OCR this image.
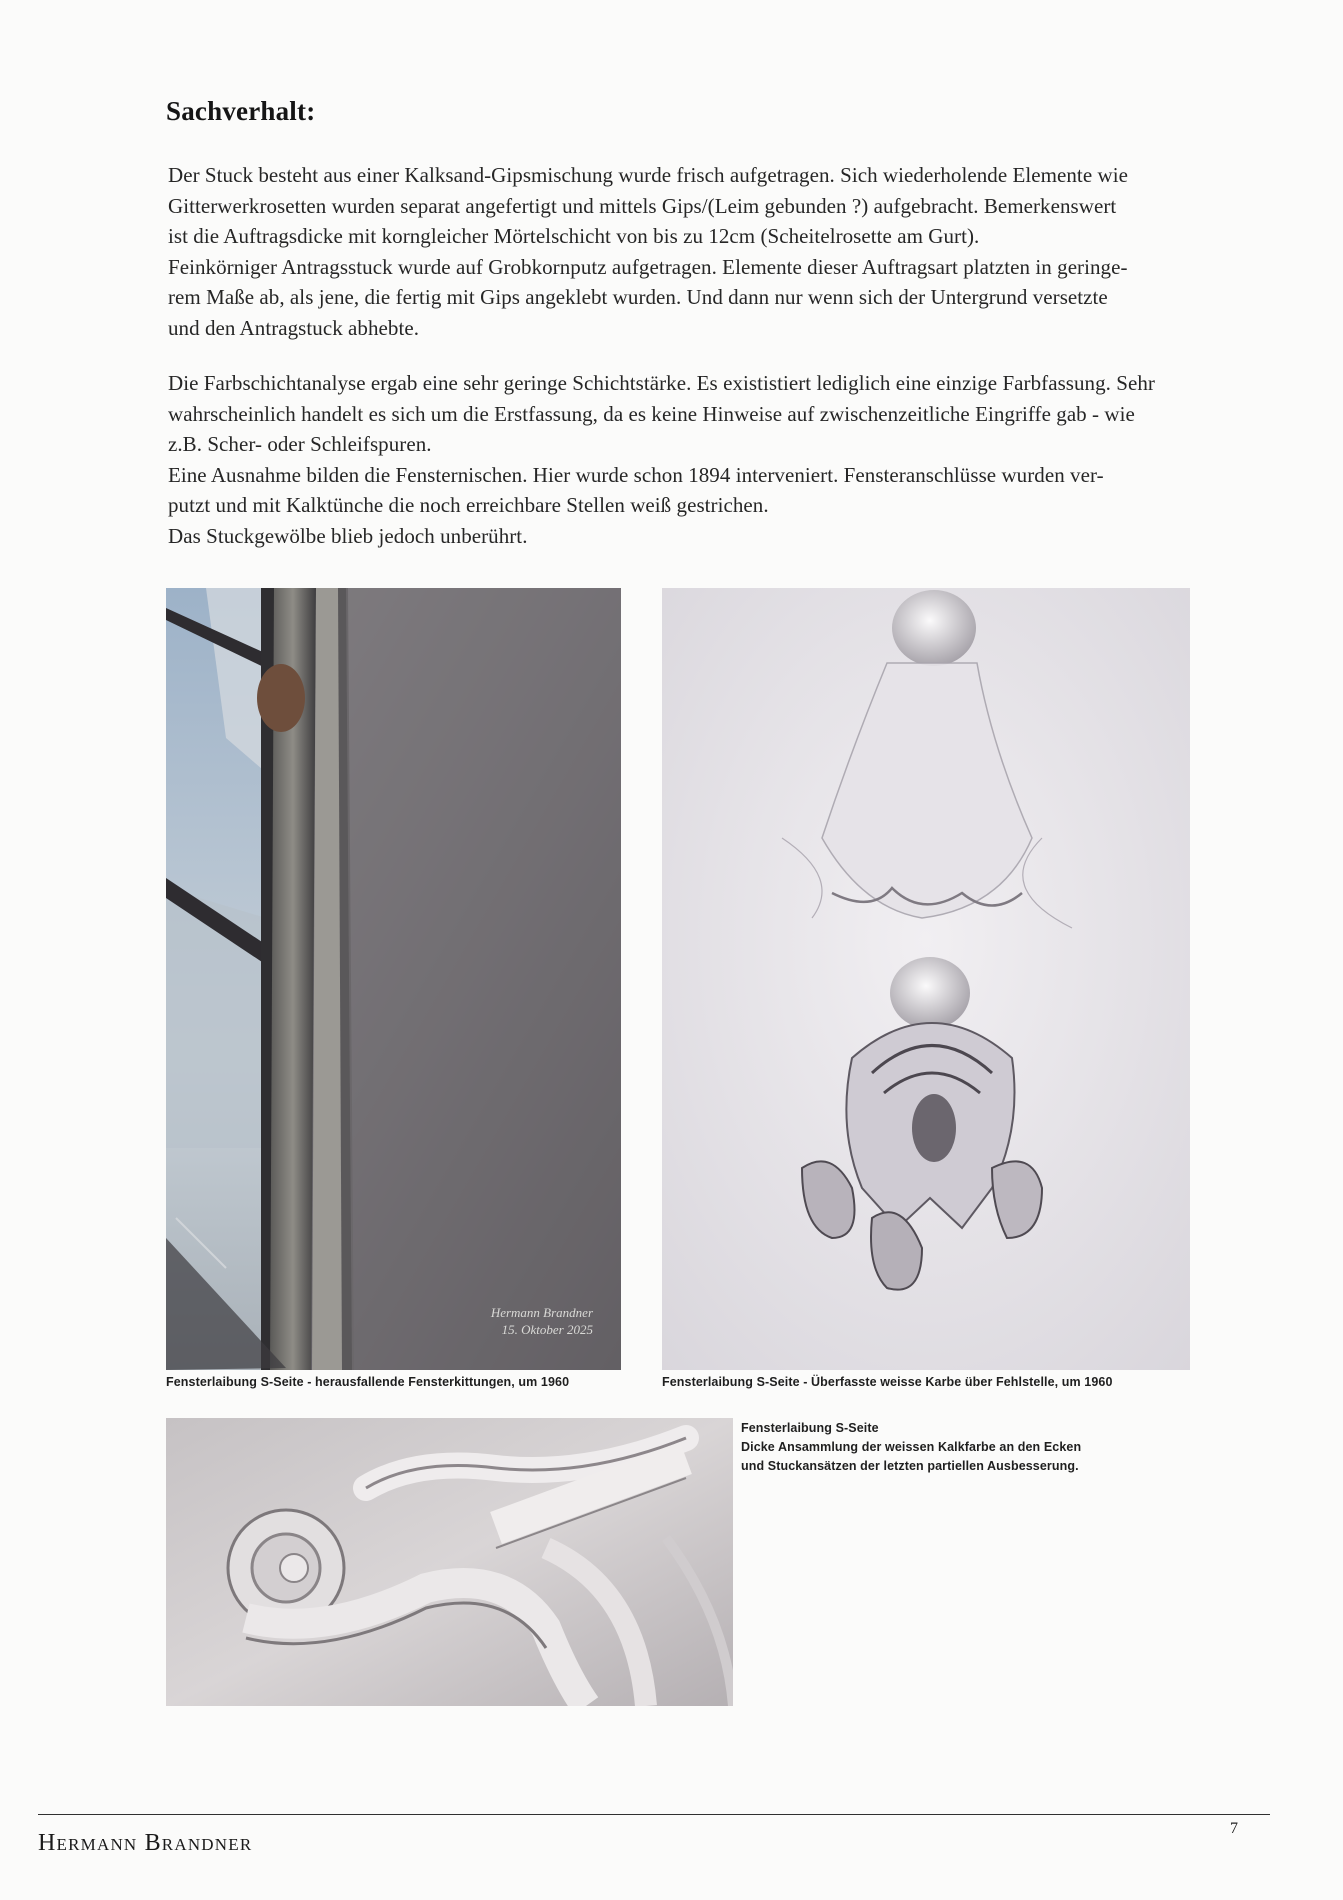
Sachverhalt:
Der Stuck besteht aus einer Kalksand-Gipsmischung wurde frisch aufgetragen. Sich wiederholende Elemente wie
Gitterwerkrosetten wurden separat angefertigt und mittels Gips/(Leim gebunden ?) aufgebracht. Bemerkenswert
ist die Auftragsdicke mit korngleicher Mörtelschicht von bis zu 12cm (Scheitelrosette am Gurt).
Feinkörniger Antragsstuck wurde auf Grobkornputz aufgetragen. Elemente dieser Auftragsart platzten in geringe-
rem Maße ab, als jene, die fertig mit Gips angeklebt wurden. Und dann nur wenn sich der Untergrund versetzte
und den Antragstuck abhebte.
Die Farbschichtanalyse ergab eine sehr geringe Schichtstärke. Es exististiert lediglich eine einzige Farbfassung. Sehr
wahrscheinlich handelt es sich um die Erstfassung, da es keine Hinweise auf zwischenzeitliche Eingriffe gab - wie
z.B. Scher- oder Schleifspuren.
Eine Ausnahme bilden die Fensternischen. Hier wurde schon 1894 interveniert. Fensteranschlüsse wurden ver-
putzt und mit Kalktünche die noch erreichbare Stellen weiß gestrichen.
Das Stuckgewölbe blieb jedoch unberührt.
Hermann Brandner
15. Oktober 2025
Fensterlaibung S-Seite - herausfallende Fensterkittungen, um 1960	Fensterlaibung S-Seite - Überfasste weisse Karbe über Fehlstelle, um 1960
Fensterlaibung S-Seite
Dicke Ansammlung der weissen Kalkfarbe an den Ecken
und Stuckansätzen der letzten partiellen Ausbesserung.
Hermann Brandner
7
